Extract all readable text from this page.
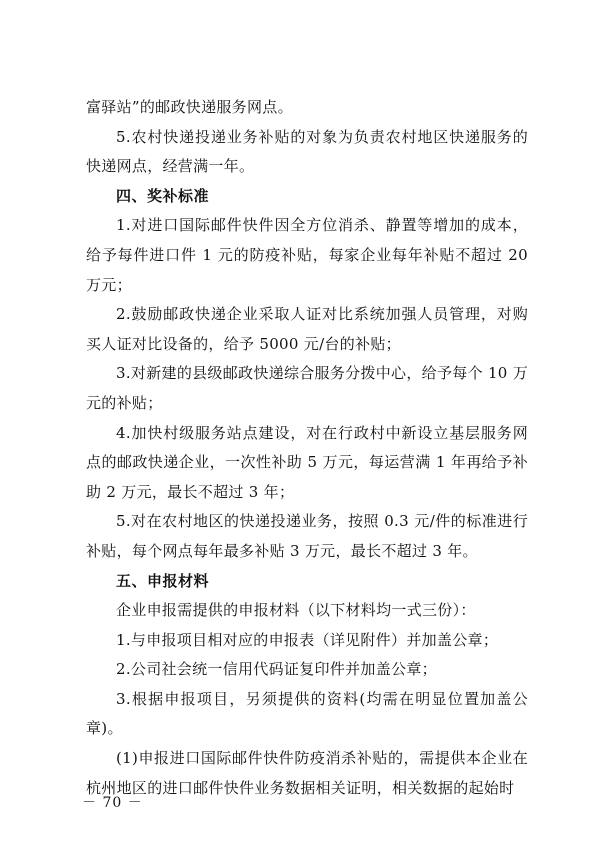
富驿站”的邮政快递服务网点。

5.农村快递投递业务补贴的对象为负责农村地区快递服务的快递网点，经营满一年。

四、奖补标准

1.对进口国际邮件快件因全方位消杀、静置等增加的成本，给予每件进口件 1 元的防疫补贴，每家企业每年补贴不超过 20 万元；

2.鼓励邮政快递企业采取人证对比系统加强人员管理，对购买人证对比设备的，给予 5000 元/台的补贴；

3.对新建的县级邮政快递综合服务分拨中心，给予每个 10 万元的补贴；

4.加快村级服务站点建设，对在行政村中新设立基层服务网点的邮政快递企业，一次性补助 5 万元，每运营满 1 年再给予补助 2 万元，最长不超过 3 年；

5.对在农村地区的快递投递业务，按照 0.3 元/件的标准进行补贴，每个网点每年最多补贴 3 万元，最长不超过 3 年。

五、申报材料

企业申报需提供的申报材料（以下材料均一式三份）：

1.与申报项目相对应的申报表（详见附件）并加盖公章；

2.公司社会统一信用代码证复印件并加盖公章；

3.根据申报项目，另须提供的资料(均需在明显位置加盖公章)。

(1)申报进口国际邮件快件防疫消杀补贴的，需提供本企业在杭州地区的进口邮件快件业务数据相关证明，相关数据的起始时

－ 70 －
